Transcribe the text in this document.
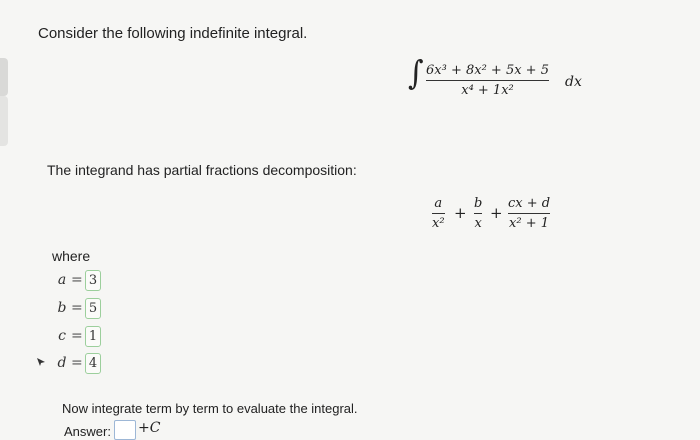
Consider the following indefinite integral.
∫ 6x³ + 8x² + 5x + 5
x⁴ + 1x²
dx
The integrand has partial fractions decomposition:
a
x²
+
b
x
+
cx + d
x² + 1
where
a = 3
b = 5
c = 1
d = 4
Now integrate term by term to evaluate the integral.
Answer: +C
